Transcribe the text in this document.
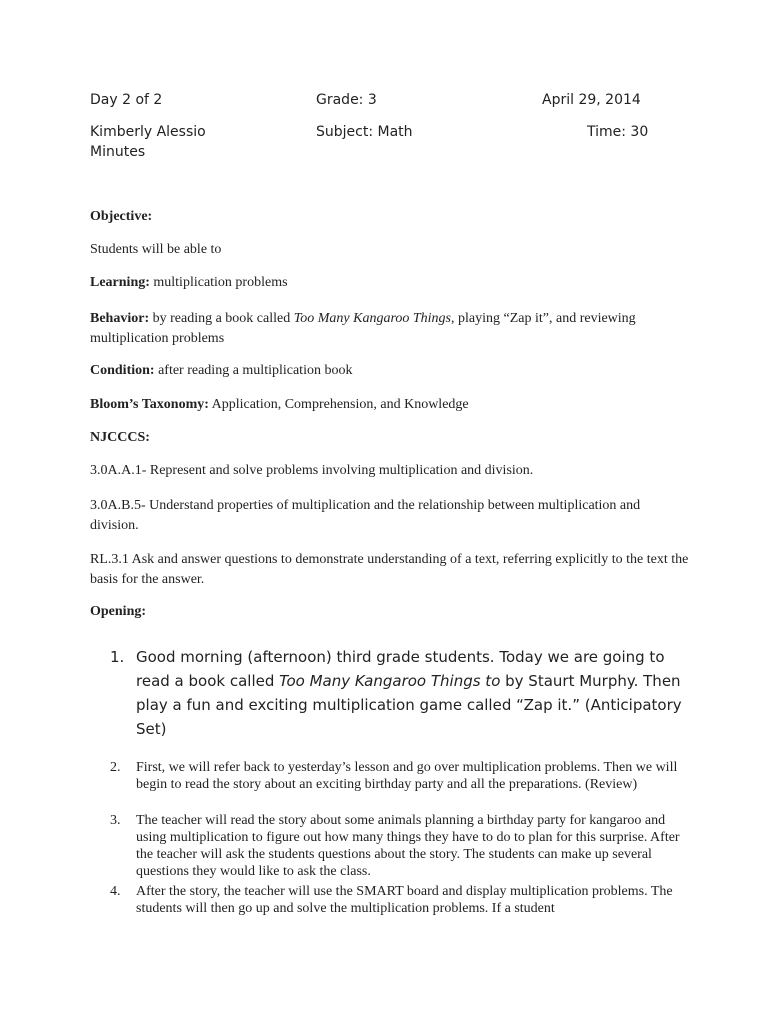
Day 2 of 2	Grade: 3	April 29, 2014
Kimberly Alessio	Subject: Math	Time: 30
Minutes
Objective:
Students will be able to
Learning: multiplication problems
Behavior: by reading a book called Too Many Kangaroo Things, playing “Zap it”, and reviewing multiplication problems
Condition: after reading a multiplication book
Bloom’s Taxonomy: Application, Comprehension, and Knowledge
NJCCCS:
3.0A.A.1- Represent and solve problems involving multiplication and division.
3.0A.B.5- Understand properties of multiplication and the relationship between multiplication and division.
RL.3.1 Ask and answer questions to demonstrate understanding of a text, referring explicitly to the text the basis for the answer.
Opening:
1. Good morning (afternoon) third grade students. Today we are going to read a book called Too Many Kangaroo Things to by Staurt Murphy. Then play a fun and exciting multiplication game called “Zap it.” (Anticipatory Set)
2. First, we will refer back to yesterday’s lesson and go over multiplication problems. Then we will begin to read the story about an exciting birthday party and all the preparations. (Review)
3. The teacher will read the story about some animals planning a birthday party for kangaroo and using multiplication to figure out how many things they have to do to plan for this surprise. After the teacher will ask the students questions about the story. The students can make up several questions they would like to ask the class.
4. After the story, the teacher will use the SMART board and display multiplication problems. The students will then go up and solve the multiplication problems. If a student
